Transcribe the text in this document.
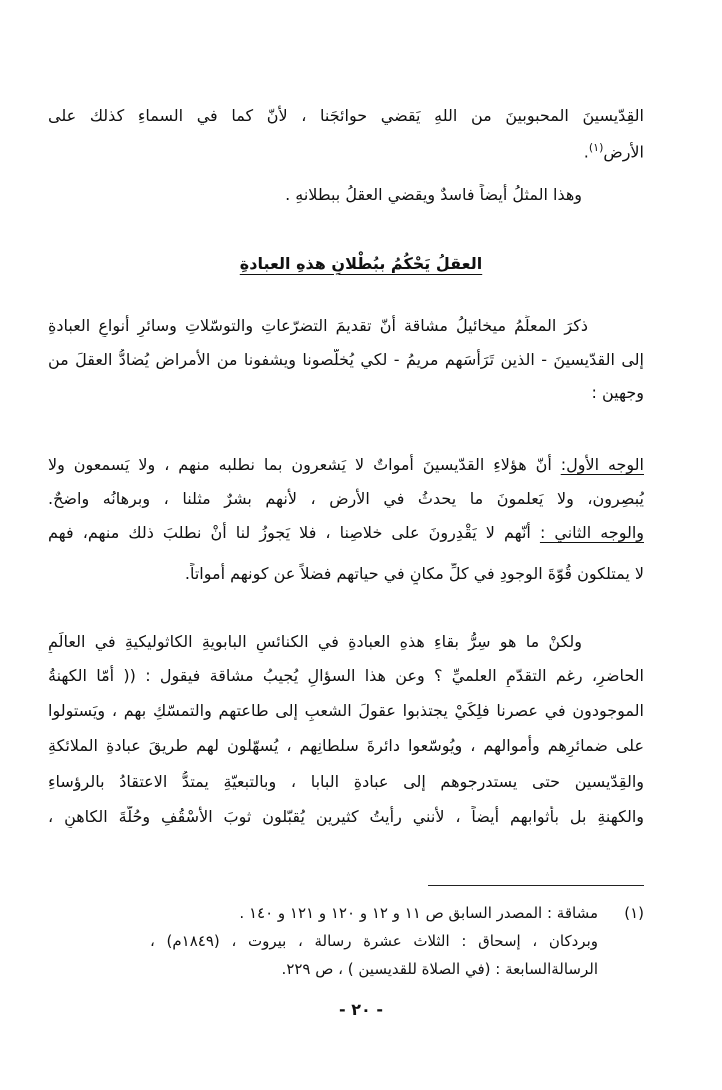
القِدّيسينَ المحبوبينَ من اللهِ يَقضي حوائجَنا ، لأنّ كما في السماءِ كذلك على
الأرضِ$^{(١)}$.
وهذا المثلُ أيضاً فاسدٌ ويقضي العقلُ ببطلانهِ .
العقلُ يَحْكُمُ ببُطْلانِ هذهِ العبادةِ
ذكرَ المعلِّمُ ميخائيلُ مشاقة أنّ تقديمَ التضرّعاتِ والتوسّلاتِ وسائرِ أنواعِ العبادةِ
إلى القدّيسينَ - الذين تَرَأَسَهم مريمُ - لكي يُخلّصونا ويشفونا من الأمراضِ يُضادُّ العقلَ من
وجهين :
الوجه الأول: أنّ هؤلاءِ القدّيسينَ أمواتٌ لا يَشعرون بما نطلبه منهم ، ولا يَسمعون ولا
يُبصِرون، ولا يَعلمونَ ما يحدثُ في الأرضِ ، لأنهم بشرٌ مثلنا ، وبرهانُه واضحٌ.
والوجه الثاني : أنّهم لا يَقْدِرونَ على خلاصِنا ، فلا يَجوزُ لنا أنْ نطلبَ ذلك منهم، فهم
لا يمتلكون قُوّةَ الوجودِ في كلِّ مكانٍ في حياتهم فضلاً عن كونهم أمواتاً.
ولكنْ ما هو سِرُّ بقاءِ هذهِ العبادةِ في الكنائسِ البابويةِ الكاثوليكيةِ في العالَمِ
الحاضرِ، رغم التقدّمِ العلميِّ ؟ وعن هذا السؤالِ يُجيبُ مشاقة فيقول : (( أمّا الكهنةُ
الموجودون في عصرنا فلِكَيْ يجتذبوا عقولَ الشعبِ إلى طاعتهم والتمسّكِ بهم ، ويَستولوا
على ضمائرِهم وأموالهم ، ويُوسّعوا دائرةَ سلطانِهم ، يُسهّلون لهم طريقَ عبادةِ الملائكةِ
والقِدّيسين حتى يستدرجوهم إلى عبادةِ البابا ، وبالتبعيّةِ يمتدُّ الاعتقادُ بالرؤساءِ
والكهنةِ بل بأثوابهم أيضاً ، لأنني رأيتُ كثيرين يُقبّلون ثوبَ الأُسْقُفِ وحُلّةَ الكاهنِ ،
(١)مشاقة : المصدر السابق ص ١١ و ١٢ و ١٢٠ و ١٢١ و ١٤٠ .
وبردكان ، إسحاق : الثلاث عشرة رسالة ، بيروت ، (١٨٤٩م) ،
الرسالةالسابعة : (في الصلاة للقديسين ) ، ص ٢٢٩.
- ٢٠ -
